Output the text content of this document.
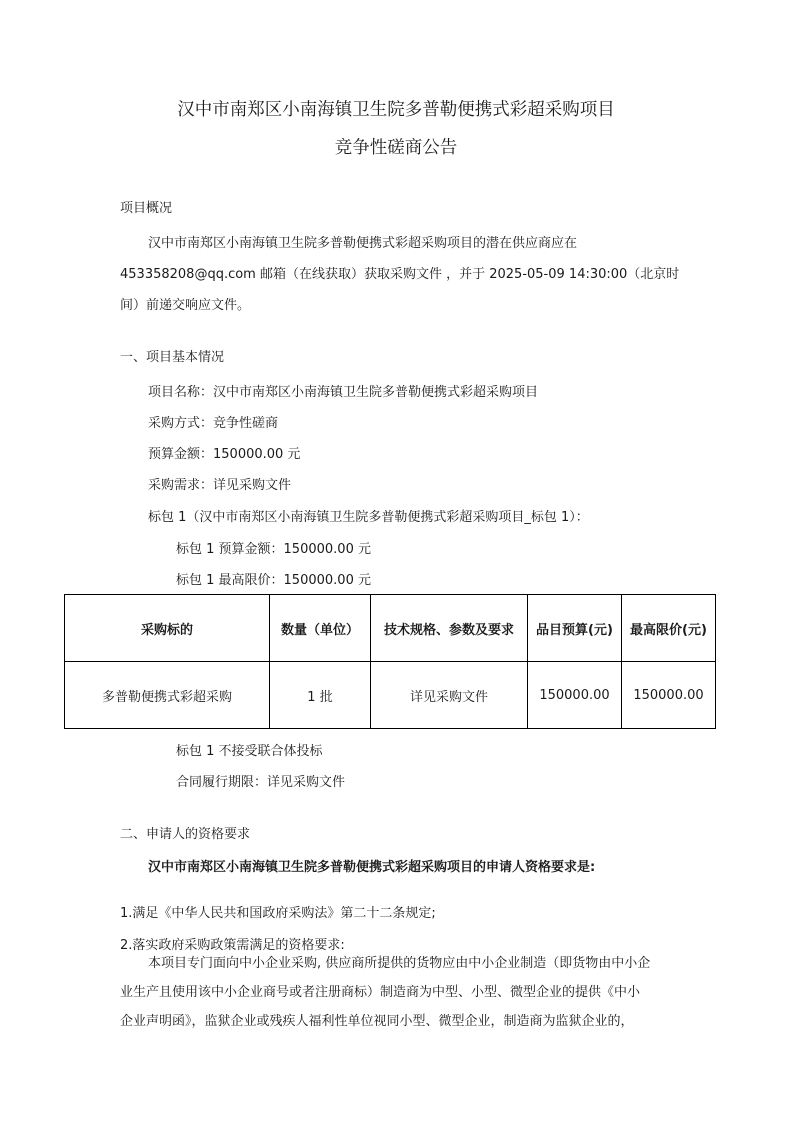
汉中市南郑区小南海镇卫生院多普勒便携式彩超采购项目
竞争性磋商公告
项目概况
汉中市南郑区小南海镇卫生院多普勒便携式彩超采购项目的潜在供应商应在
453358208@qq.com 邮箱（在线获取）获取采购文件 ，并于 2025-05-09 14:30:00（北京时
间）前递交响应文件。
一、项目基本情况
项目名称：汉中市南郑区小南海镇卫生院多普勒便携式彩超采购项目
采购方式：竞争性磋商
预算金额：150000.00 元
采购需求：详见采购文件
标包 1（汉中市南郑区小南海镇卫生院多普勒便携式彩超采购项目_标包 1）：
标包 1 预算金额：150000.00 元
标包 1 最高限价：150000.00 元
采购标的	数量（单位）	技术规格、参数及要求	品目预算(元)	最高限价(元)
多普勒便携式彩超采购	1 批	详见采购文件	150000.00	150000.00
标包 1 不接受联合体投标
合同履行期限：详见采购文件
二、申请人的资格要求
汉中市南郑区小南海镇卫生院多普勒便携式彩超采购项目的申请人资格要求是:
1.满足《中华人民共和国政府采购法》第二十二条规定;
2.落实政府采购政策需满足的资格要求:
本项目专门面向中小企业采购, 供应商所提供的货物应由中小企业制造（即货物由中小企
业生产且使用该中小企业商号或者注册商标）制造商为中型、小型、微型企业的提供《中小
企业声明函》，监狱企业或残疾人福利性单位视同小型、微型企业，制造商为监狱企业的，
